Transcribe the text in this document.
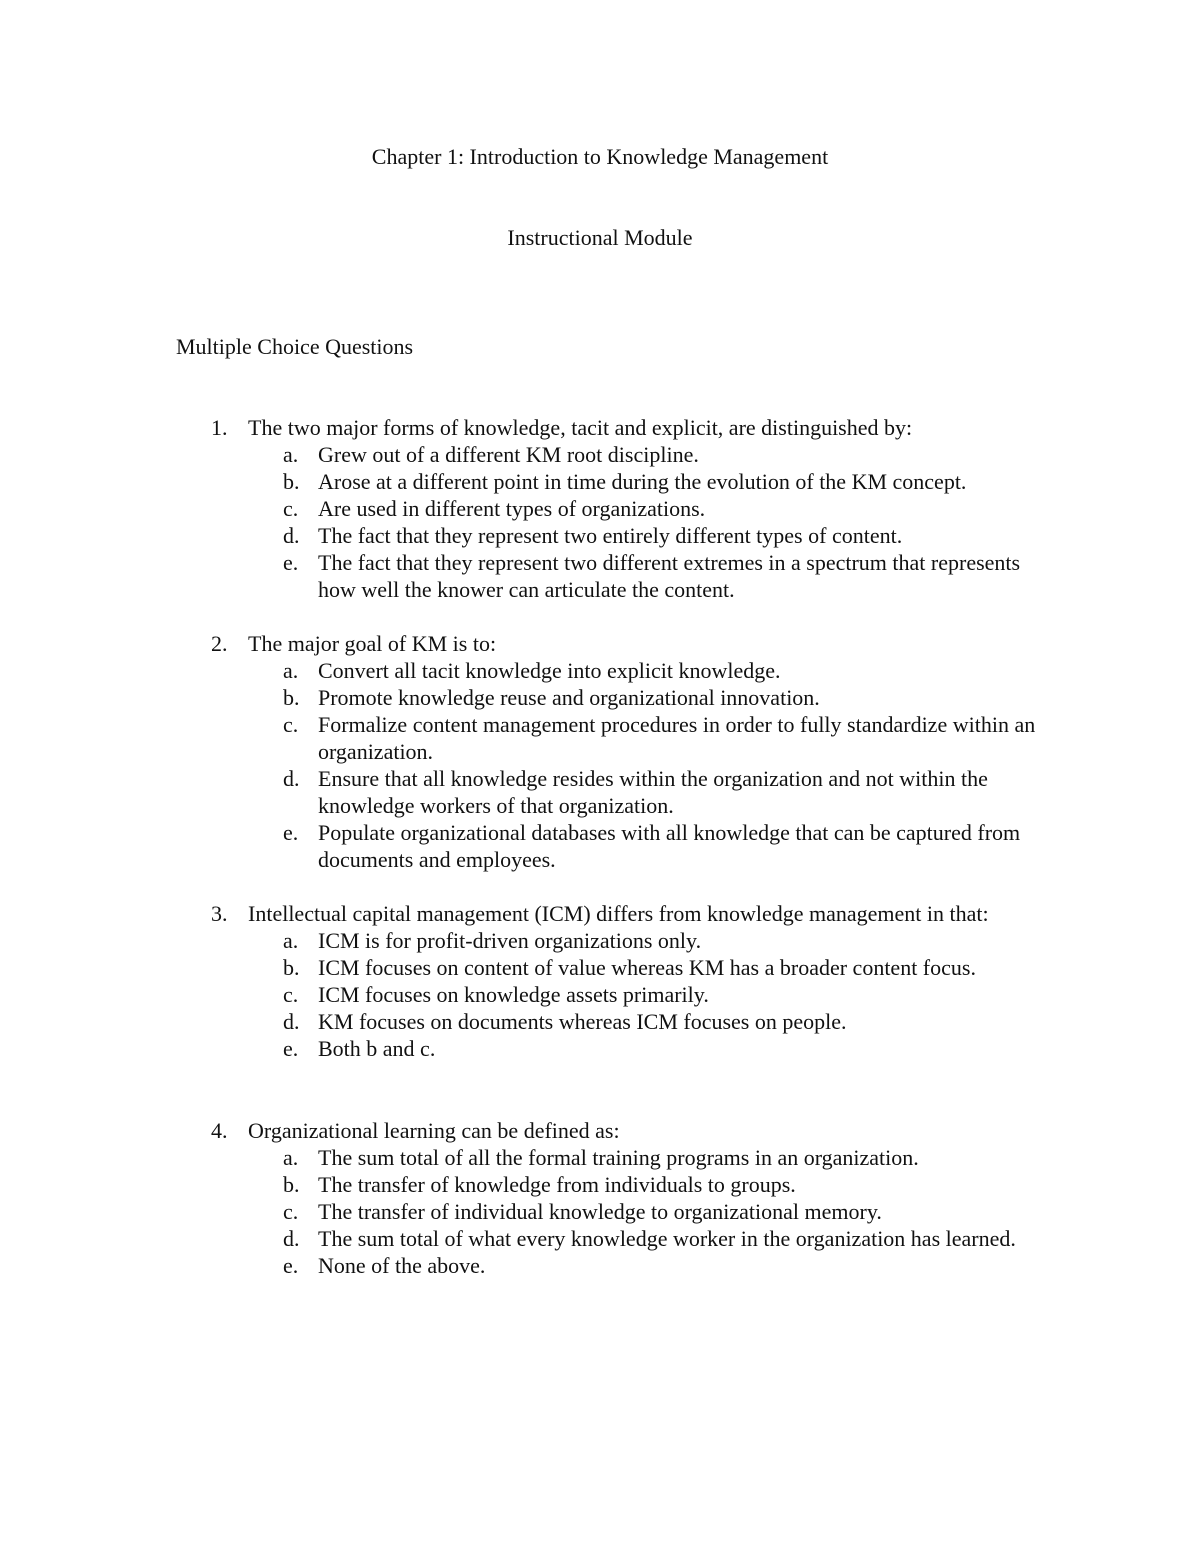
Chapter 1: Introduction to Knowledge Management
Instructional Module
Multiple Choice Questions
1. The two major forms of knowledge, tacit and explicit, are distinguished by:
a. Grew out of a different KM root discipline.
b. Arose at a different point in time during the evolution of the KM concept.
c. Are used in different types of organizations.
d. The fact that they represent two entirely different types of content.
e. The fact that they represent two different extremes in a spectrum that represents how well the knower can articulate the content.
2. The major goal of KM is to:
a. Convert all tacit knowledge into explicit knowledge.
b. Promote knowledge reuse and organizational innovation.
c. Formalize content management procedures in order to fully standardize within an organization.
d. Ensure that all knowledge resides within the organization and not within the knowledge workers of that organization.
e. Populate organizational databases with all knowledge that can be captured from documents and employees.
3. Intellectual capital management (ICM) differs from knowledge management in that:
a. ICM is for profit-driven organizations only.
b. ICM focuses on content of value whereas KM has a broader content focus.
c. ICM focuses on knowledge assets primarily.
d. KM focuses on documents whereas ICM focuses on people.
e. Both b and c.
4. Organizational learning can be defined as:
a. The sum total of all the formal training programs in an organization.
b. The transfer of knowledge from individuals to groups.
c. The transfer of individual knowledge to organizational memory.
d. The sum total of what every knowledge worker in the organization has learned.
e. None of the above.
